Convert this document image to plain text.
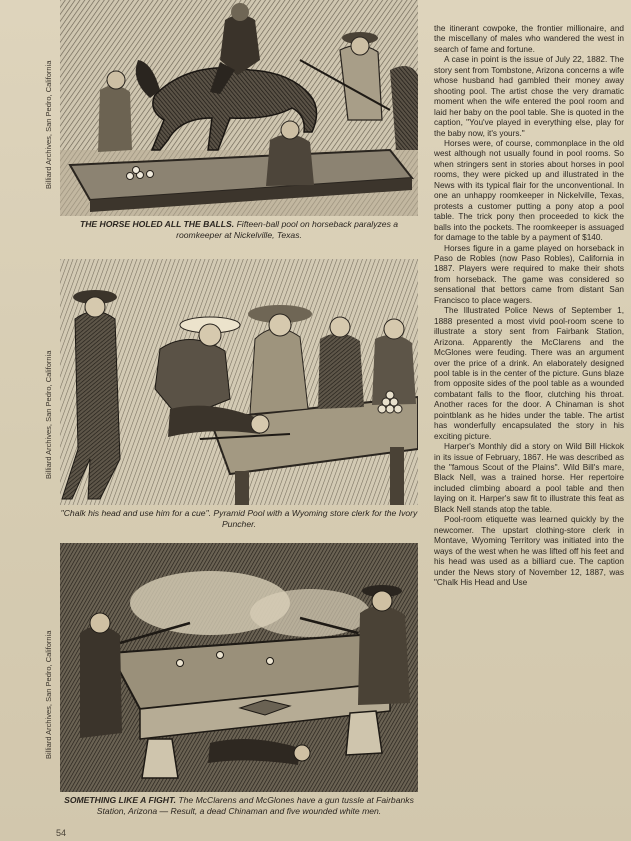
THE HORSE HOLED ALL THE BALLS. Fifteen-ball pool on horseback paralyzes a roomkeeper at Nickelville, Texas.
Billiard Archives, San Pedro, California
"Chalk his head and use him for a cue". Pyramid Pool with a Wyoming store clerk for the Ivory Puncher.
Billiard Archives, San Pedro, California
SOMETHING LIKE A FIGHT. The McClarens and McGlones have a gun tussle at Fairbanks Station, Arizona — Result, a dead Chinaman and five wounded white men.
Billiard Archives, San Pedro, California

the itinerant cowpoke, the frontier millionaire, and the miscellany of males who wandered the west in search of fame and fortune.

A case in point is the issue of July 22, 1882. The story sent from Tombstone, Arizona concerns a wife whose husband had gambled their money away shooting pool. The artist chose the very dramatic moment when the wife entered the pool room and laid her baby on the pool table. She is quoted in the caption, "You've played in everything else, play for the baby now, it's yours."

Horses were, of course, commonplace in the old west although not usually found in pool rooms. So when stringers sent in stories about horses in pool rooms, they were picked up and illustrated in the News with its typical flair for the unconventional. In one an unhappy roomkeeper in Nickelville, Texas, protests a customer putting a pony atop a pool table. The trick pony then proceeded to kick the balls into the pockets. The roomkeeper is assuaged for damage to the table by a payment of $140.

Horses figure in a game played on horseback in Paso de Robles (now Paso Robles), California in 1887. Players were required to make their shots from horseback. The game was considered so sensational that bettors came from distant San Francisco to place wagers.

The Illustrated Police News of September 1, 1888 presented a most vivid pool-room scene to illustrate a story sent from Fairbank Station, Arizona. Apparently the McClarens and the McGlones were feuding. There was an argument over the price of a drink. An elaborately designed pool table is in the center of the picture. Guns blaze from opposite sides of the pool table as a wounded combatant falls to the floor, clutching his throat. Another races for the door. A Chinaman is shot pointblank as he hides under the table. The artist has wonderfully encapsulated the story in his exciting picture.

Harper's Monthly did a story on Wild Bill Hickok in its issue of February, 1867. He was described as the "famous Scout of the Plains". Wild Bill's mare, Black Nell, was a trained horse. Her repertoire included climbing aboard a pool table and then laying on it. Harper's saw fit to illustrate this feat as Black Nell stands atop the table.

Pool-room etiquette was learned quickly by the newcomer. The upstart clothing-store clerk in Montave, Wyoming Territory was initiated into the ways of the west when he was lifted off his feet and his head was used as a billiard cue. The caption under the News story of November 12, 1887, was "Chalk His Head and Use

54
